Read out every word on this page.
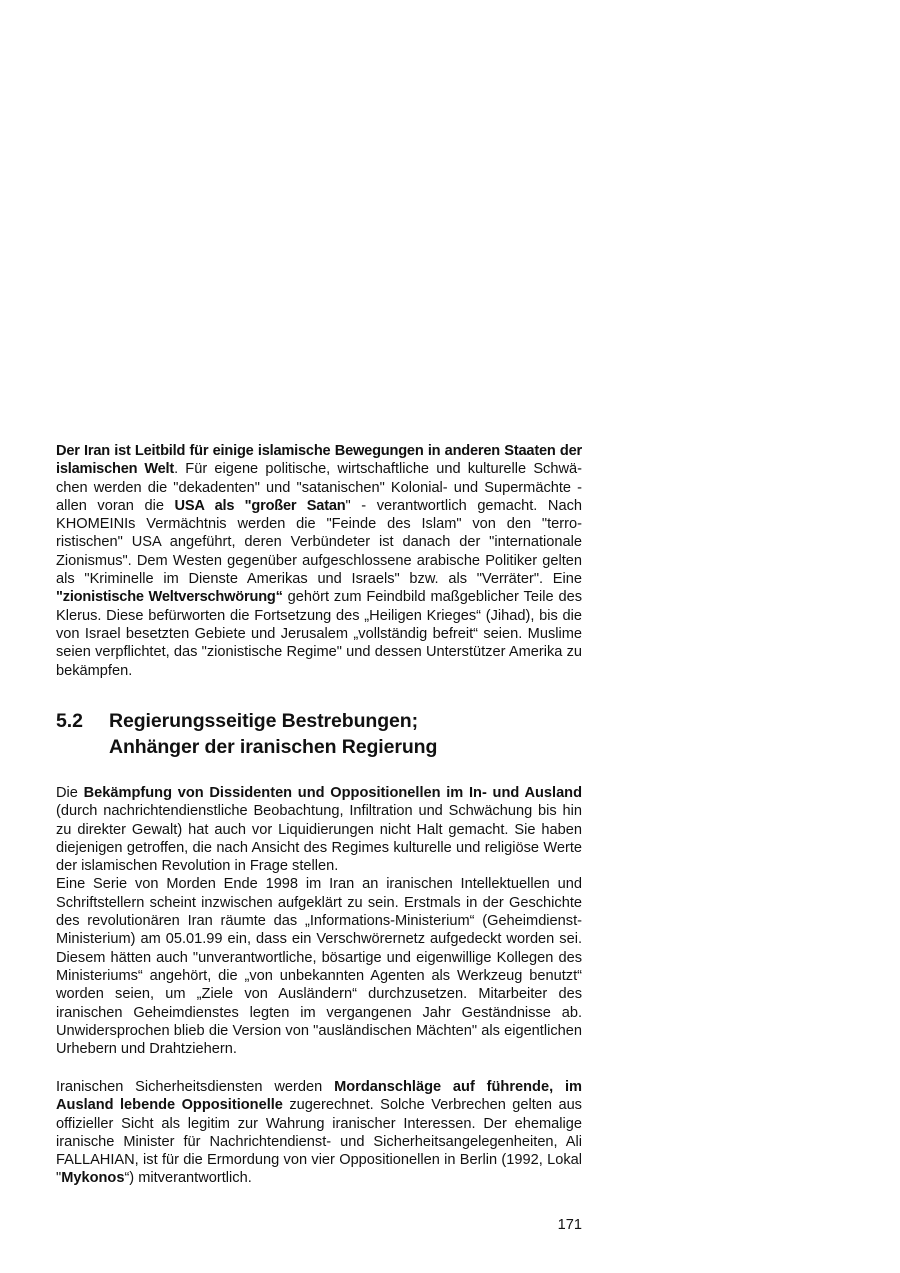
Der Iran ist Leitbild für einige islamische Bewegungen in anderen Staaten der islamischen Welt. Für eigene politische, wirtschaftliche und kulturelle Schwächen werden die "dekadenten" und "satanischen" Kolonial- und Supermächte - allen voran die USA als "großer Satan" - verantwortlich gemacht. Nach KHOMEINIs Vermächtnis werden die "Feinde des Islam" von den "terroristischen" USA angeführt, deren Verbündeter ist danach der "internationale Zionismus". Dem Westen gegenüber aufgeschlossene arabische Politiker gelten als "Kriminelle im Dienste Amerikas und Israels" bzw. als "Verräter". Eine "zionistische Weltverschwörung“ gehört zum Feindbild maßgeblicher Teile des Klerus. Diese befürworten die Fortsetzung des „Heiligen Krieges“ (Jihad), bis die von Israel besetzten Gebiete und Jerusalem „vollständig befreit“ seien. Muslime seien verpflichtet, das "zionistische Regime" und dessen Unterstützer Amerika zu bekämpfen.

5.2 Regierungsseitige Bestrebungen;
Anhänger der iranischen Regierung

Die Bekämpfung von Dissidenten und Oppositionellen im In- und Ausland (durch nachrichtendienstliche Beobachtung, Infiltration und Schwächung bis hin zu direkter Gewalt) hat auch vor Liquidierungen nicht Halt gemacht. Sie haben diejenigen getroffen, die nach Ansicht des Regimes kulturelle und religiöse Werte der islamischen Revolution in Frage stellen.

Eine Serie von Morden Ende 1998 im Iran an iranischen Intellektuellen und Schriftstellern scheint inzwischen aufgeklärt zu sein. Erstmals in der Geschichte des revolutionären Iran räumte das „Informations-Ministerium“ (Geheimdienst-Ministerium) am 05.01.99 ein, dass ein Verschwörernetz aufgedeckt worden sei. Diesem hätten auch "unverantwortliche, bösartige und eigenwillige Kollegen des Ministeriums“ angehört, die „von unbekannten Agenten als Werkzeug benutzt“ worden seien, um „Ziele von Ausländern“ durchzusetzen. Mitarbeiter des iranischen Geheimdienstes legten im vergangenen Jahr Geständnisse ab. Unwidersprochen blieb die Version von "ausländischen Mächten" als eigentlichen Urhebern und Drahtziehern.

Iranischen Sicherheitsdiensten werden Mordanschläge auf führende, im Ausland lebende Oppositionelle zugerechnet. Solche Verbrechen gelten aus offizieller Sicht als legitim zur Wahrung iranischer Interessen. Der ehemalige iranische Minister für Nachrichtendienst- und Sicherheitsangelegenheiten, Ali FALLAHIAN, ist für die Ermordung von vier Oppositionellen in Berlin (1992, Lokal "Mykonos“) mitverantwortlich.

171
